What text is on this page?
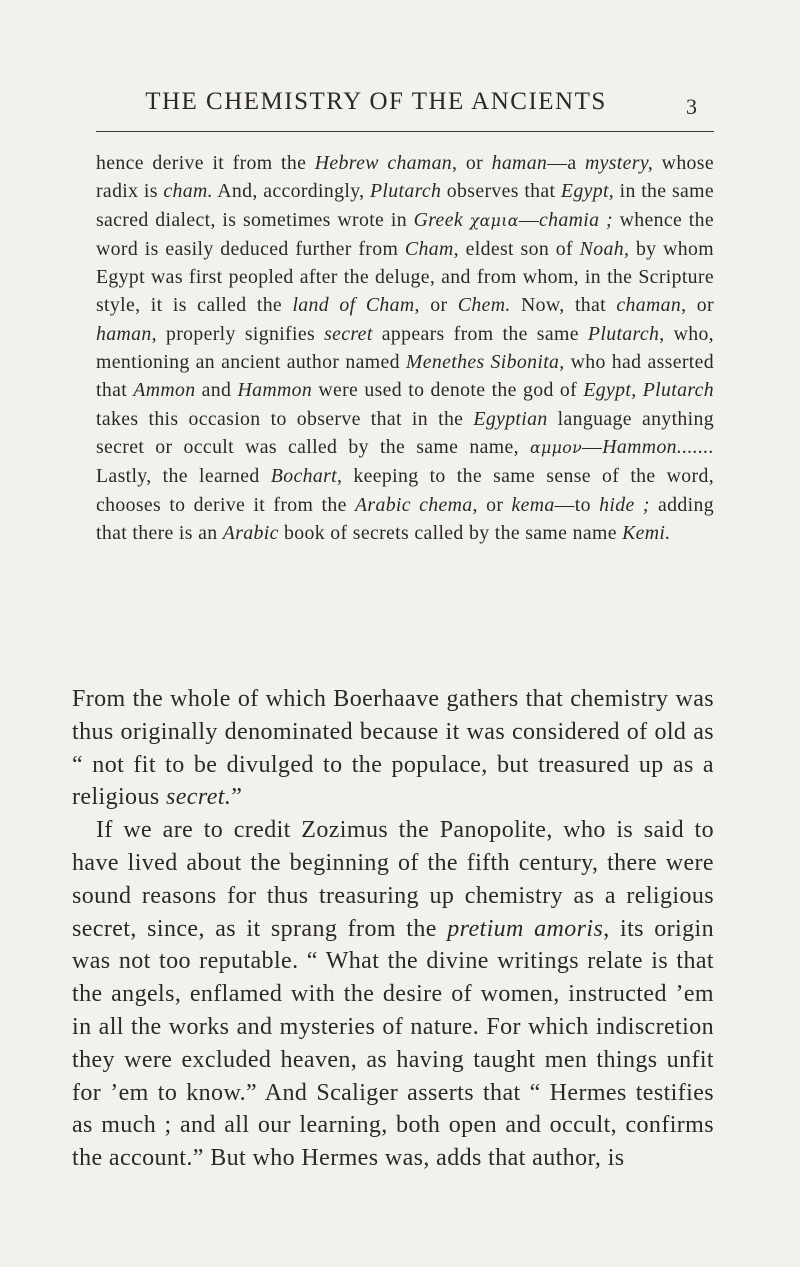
THE CHEMISTRY OF THE ANCIENTS	3

hence derive it from the Hebrew chaman, or haman—a mystery, whose radix is cham. And, accordingly, Plutarch observes that Egypt, in the same sacred dialect, is sometimes wrote in Greek χαμια—chamia ; whence the word is easily deduced further from Cham, eldest son of Noah, by whom Egypt was first peopled after the deluge, and from whom, in the Scripture style, it is called the land of Cham, or Chem. Now, that chaman, or haman, properly signifies secret appears from the same Plutarch, who, mentioning an ancient author named Menethes Sibonita, who had asserted that Ammon and Hammon were used to denote the god of Egypt, Plutarch takes this occasion to observe that in the Egyptian language anything secret or occult was called by the same name, αμμον—Hammon....... Lastly, the learned Bochart, keeping to the same sense of the word, chooses to derive it from the Arabic chema, or kema—to hide ; adding that there is an Arabic book of secrets called by the same name Kemi.

From the whole of which Boerhaave gathers that chemistry was thus originally denominated because it was considered of old as “ not fit to be divulged to the populace, but treasured up as a religious secret.”

If we are to credit Zozimus the Panopolite, who is said to have lived about the beginning of the fifth century, there were sound reasons for thus treasuring up chemistry as a religious secret, since, as it sprang from the pretium amoris, its origin was not too reputable. “ What the divine writings relate is that the angels, enflamed with the desire of women, instructed ’em in all the works and mysteries of nature. For which indiscretion they were excluded heaven, as having taught men things unfit for ’em to know.” And Scaliger asserts that “ Hermes testifies as much ; and all our learning, both open and occult, confirms the account.” But who Hermes was, adds that author, is
